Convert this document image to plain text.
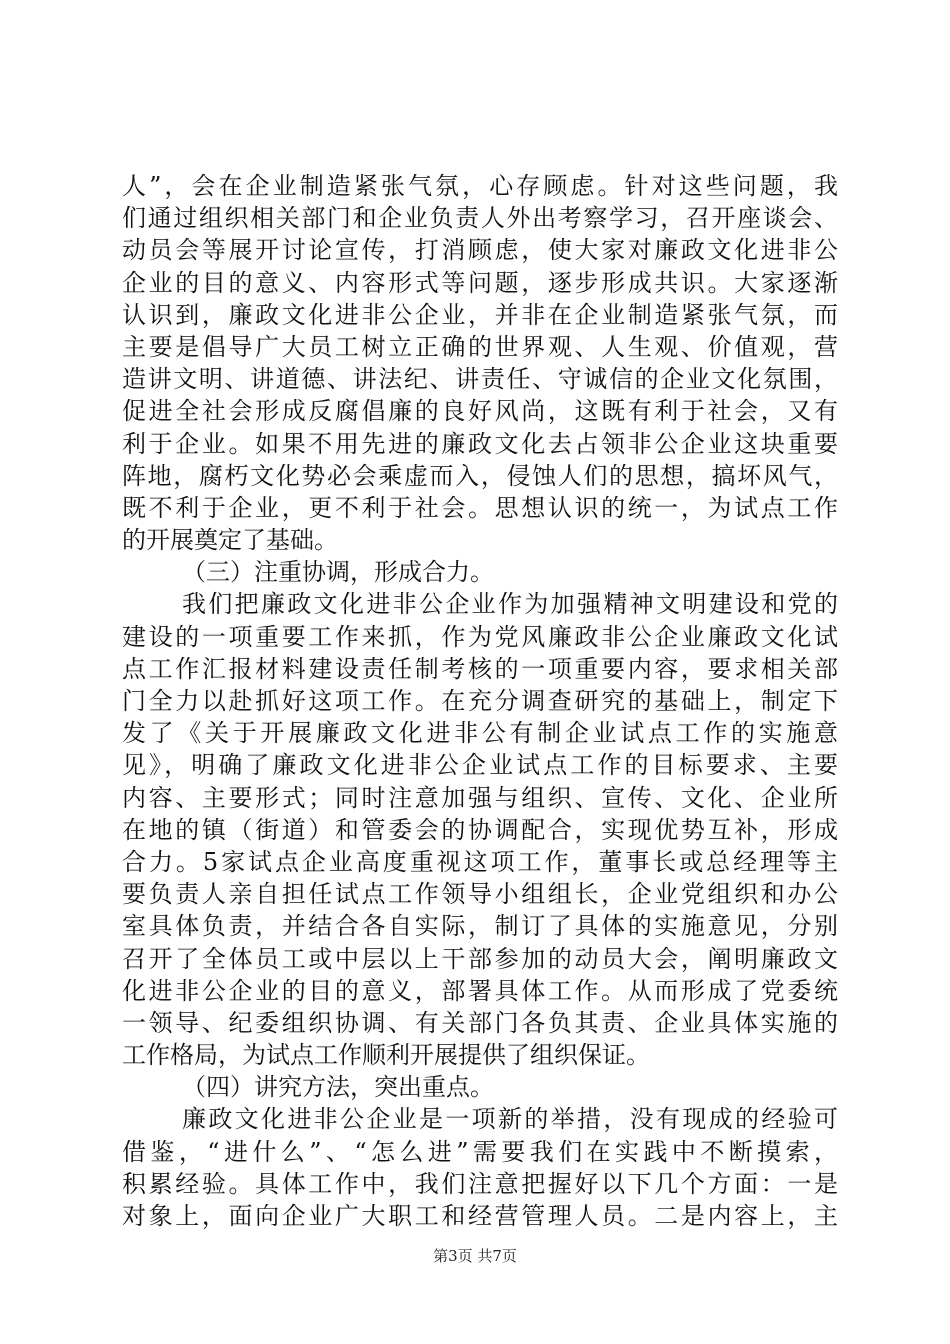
人”，会在企业制造紧张气氛，心存顾虑。针对这些问题，我
们通过组织相关部门和企业负责人外出考察学习，召开座谈会、
动员会等展开讨论宣传，打消顾虑，使大家对廉政文化进非公
企业的目的意义、内容形式等问题，逐步形成共识。大家逐渐
认识到，廉政文化进非公企业，并非在企业制造紧张气氛，而
主要是倡导广大员工树立正确的世界观、人生观、价值观，营
造讲文明、讲道德、讲法纪、讲责任、守诚信的企业文化氛围，
促进全社会形成反腐倡廉的良好风尚，这既有利于社会，又有
利于企业。如果不用先进的廉政文化去占领非公企业这块重要
阵地，腐朽文化势必会乘虚而入，侵蚀人们的思想，搞坏风气，
既不利于企业，更不利于社会。思想认识的统一，为试点工作
的开展奠定了基础。
（三）注重协调，形成合力。
我们把廉政文化进非公企业作为加强精神文明建设和党的
建设的一项重要工作来抓，作为党风廉政非公企业廉政文化试
点工作汇报材料建设责任制考核的一项重要内容，要求相关部
门全力以赴抓好这项工作。在充分调查研究的基础上，制定下
发了《关于开展廉政文化进非公有制企业试点工作的实施意
见》，明确了廉政文化进非公企业试点工作的目标要求、主要
内容、主要形式；同时注意加强与组织、宣传、文化、企业所
在地的镇（街道）和管委会的协调配合，实现优势互补，形成
合力。5家试点企业高度重视这项工作，董事长或总经理等主
要负责人亲自担任试点工作领导小组组长，企业党组织和办公
室具体负责，并结合各自实际，制订了具体的实施意见，分别
召开了全体员工或中层以上干部参加的动员大会，阐明廉政文
化进非公企业的目的意义，部署具体工作。从而形成了党委统
一领导、纪委组织协调、有关部门各负其责、企业具体实施的
工作格局，为试点工作顺利开展提供了组织保证。
（四）讲究方法，突出重点。
廉政文化进非公企业是一项新的举措，没有现成的经验可
借鉴，“进什么”、“怎么进”需要我们在实践中不断摸索，
积累经验。具体工作中，我们注意把握好以下几个方面：一是
对象上，面向企业广大职工和经营管理人员。二是内容上，主
第3页 共7页
